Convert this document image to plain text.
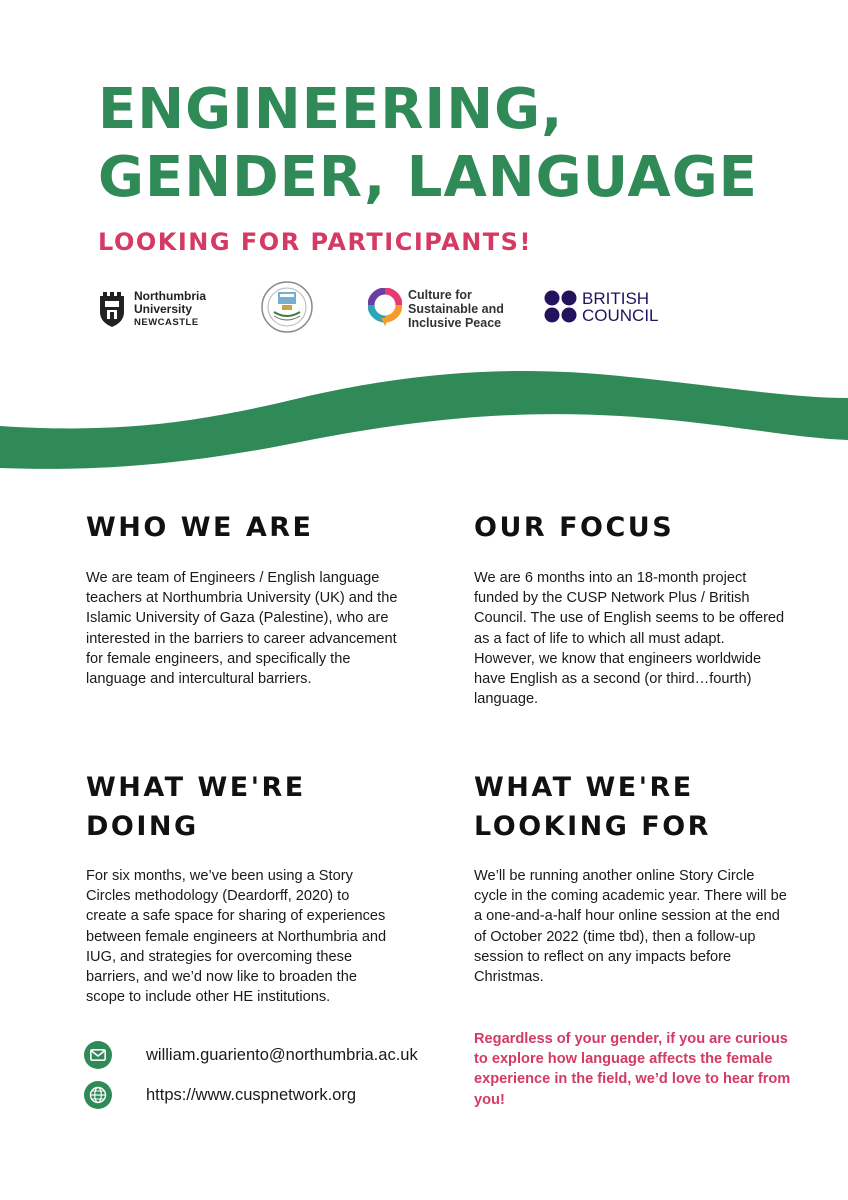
ENGINEERING,
GENDER, LANGUAGE

LOOKING FOR PARTICIPANTS!

Northumbria
University
NEWCASTLE
Culture for
Sustainable and
Inclusive Peace
BRITISH
COUNCIL
WHO WE ARE

We are team of Engineers / English language teachers at Northumbria University (UK) and the Islamic University of Gaza (Palestine), who are interested in the barriers to career advancement for female engineers, and specifically the language and intercultural barriers.

OUR FOCUS

We are 6 months into an 18-month project funded by the CUSP Network Plus / British Council. The use of English seems to be offered as a fact of life to which all must adapt. However, we know that engineers worldwide have English as a second (or third…fourth) language.

WHAT WE'RE
DOING

For six months, we’ve been using a Story Circles methodology (Deardorff, 2020) to create a safe space for sharing of experiences between female engineers at Northumbria and IUG, and strategies for overcoming these barriers, and we’d now like to broaden the scope to include other HE institutions.

WHAT WE'RE
LOOKING FOR

We’ll be running another online Story Circle cycle in the coming academic year. There will be a one-and-a-half hour online session at the end of October 2022 (time tbd), then a follow-up session to reflect on any impacts before Christmas.

Regardless of your gender, if you are curious to explore how language affects the female experience in the field, we’d love to hear from you!

william.guariento@northumbria.ac.uk
https://www.cuspnetwork.org
